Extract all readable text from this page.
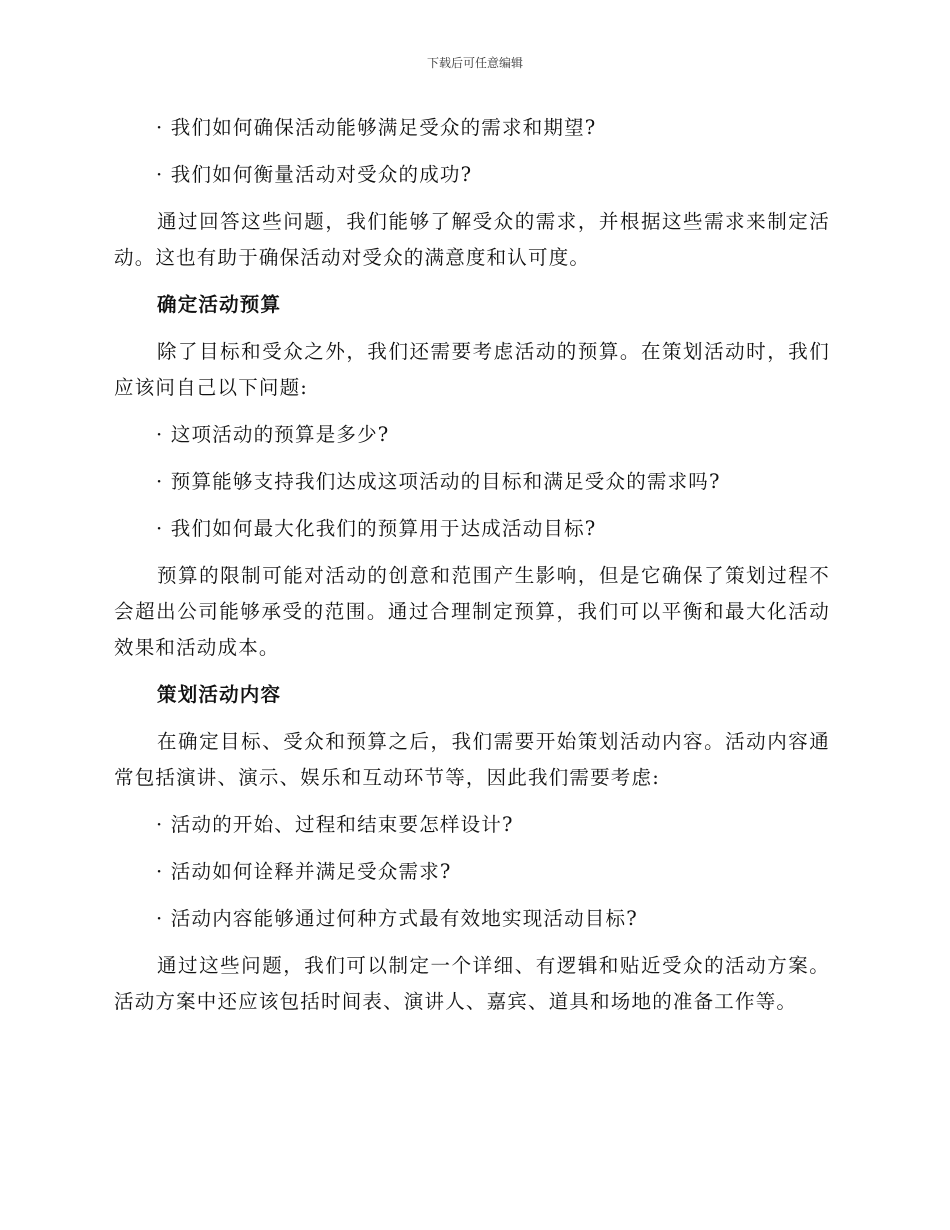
下载后可任意编辑

· 我们如何确保活动能够满足受众的需求和期望?

· 我们如何衡量活动对受众的成功?

通过回答这些问题，我们能够了解受众的需求，并根据这些需求来制定活动。这也有助于确保活动对受众的满意度和认可度。

确定活动预算

除了目标和受众之外，我们还需要考虑活动的预算。在策划活动时，我们应该问自己以下问题:

· 这项活动的预算是多少?

· 预算能够支持我们达成这项活动的目标和满足受众的需求吗?

· 我们如何最大化我们的预算用于达成活动目标?

预算的限制可能对活动的创意和范围产生影响，但是它确保了策划过程不会超出公司能够承受的范围。通过合理制定预算，我们可以平衡和最大化活动效果和活动成本。

策划活动内容

在确定目标、受众和预算之后，我们需要开始策划活动内容。活动内容通常包括演讲、演示、娱乐和互动环节等，因此我们需要考虑:

· 活动的开始、过程和结束要怎样设计?

· 活动如何诠释并满足受众需求?

· 活动内容能够通过何种方式最有效地实现活动目标?

通过这些问题，我们可以制定一个详细、有逻辑和贴近受众的活动方案。活动方案中还应该包括时间表、演讲人、嘉宾、道具和场地的准备工作等。
